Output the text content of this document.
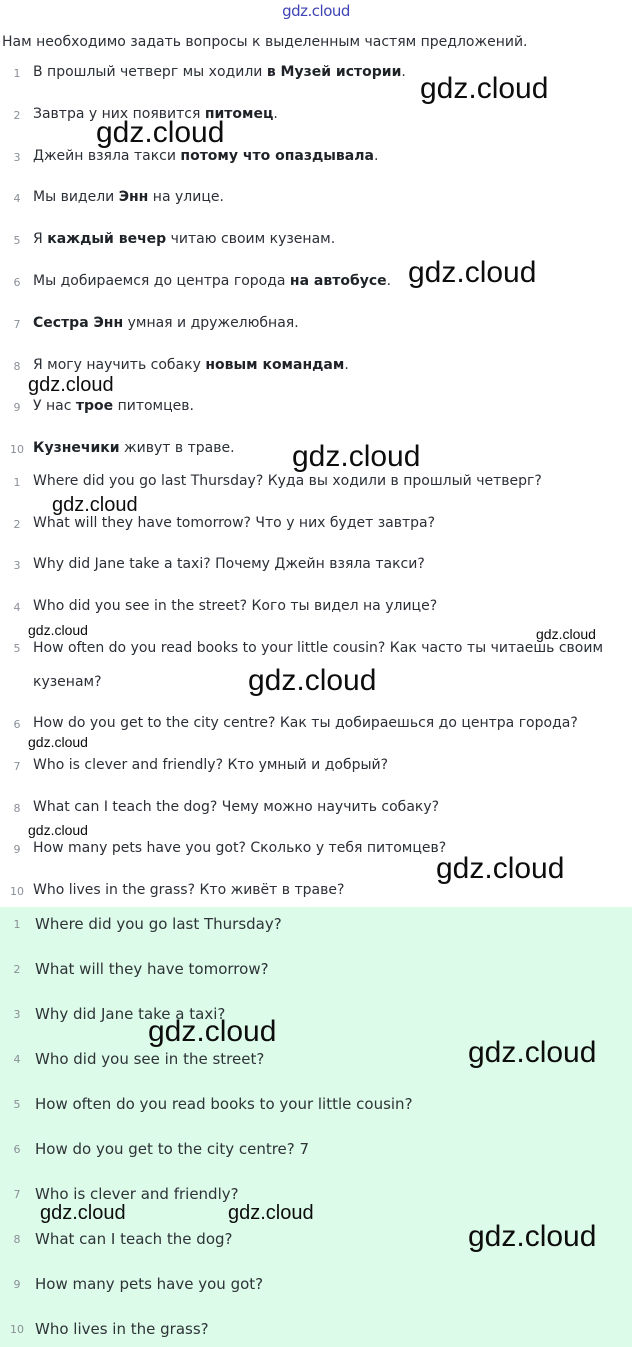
gdz.cloud
Нам необходимо задать вопросы к выделенным частям предложений.
1 В прошлый четверг мы ходили в Музей истории.
2 Завтра у них появится питомец.
3 Джейн взяла такси потому что опаздывала.
4 Мы видели Энн на улице.
5 Я каждый вечер читаю своим кузенам.
6 Мы добираемся до центра города на автобусе.
7 Сестра Энн умная и дружелюбная.
8 Я могу научить собаку новым командам.
9 У нас трое питомцев.
10 Кузнечики живут в траве.
1 Where did you go last Thursday? Куда вы ходили в прошлый четверг?
2 What will they have tomorrow? Что у них будет завтра?
3 Why did Jane take a taxi? Почему Джейн взяла такси?
4 Who did you see in the street? Кого ты видел на улице?
5 How often do you read books to your little cousin? Как часто ты читаешь своим кузенам?
6 How do you get to the city centre? Как ты добираешься до центра города?
7 Who is clever and friendly? Кто умный и добрый?
8 What can I teach the dog? Чему можно научить собаку?
9 How many pets have you got? Сколько у тебя питомцев?
10 Who lives in the grass? Кто живёт в траве?
1 Where did you go last Thursday?
2 What will they have tomorrow?
3 Why did Jane take a taxi?
4 Who did you see in the street?
5 How often do you read books to your little cousin?
6 How do you get to the city centre? 7
7 Who is clever and friendly?
8 What can I teach the dog?
9 How many pets have you got?
10 Who lives in the grass?
gdz.cloud
gdz.cloud
gdz.cloud
gdz.cloud
gdz.cloud
gdz.cloud
gdz.cloud	gdz.cloud
gdz.cloud
gdz.cloud
gdz.cloud
gdz.cloud
gdz.cloud
gdz.cloud
gdz.cloud	gdz.cloud
gdz.cloud
